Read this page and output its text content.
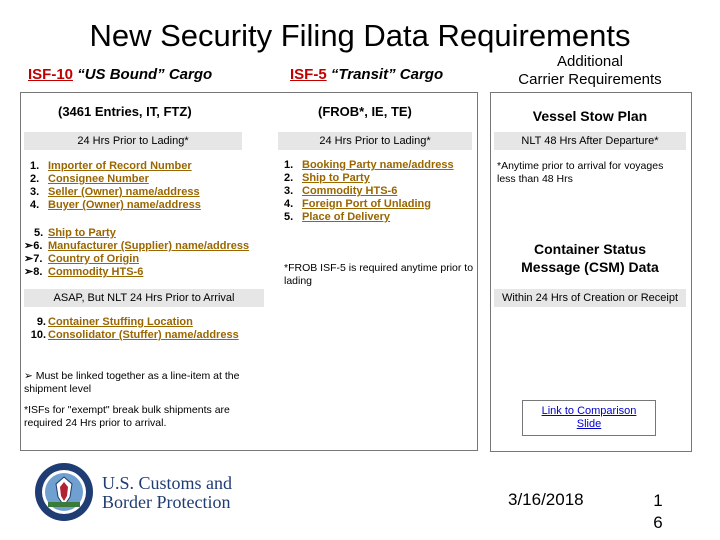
New Security Filing Data Requirements
ISF-10 “US Bound” Cargo	ISF-5 “Transit” Cargo
Additional
Carrier Requirements
(3461 Entries, IT, FTZ)
24 Hrs Prior to Lading*
1. Importer of Record Number
2. Consignee Number
3. Seller (Owner) name/address
4. Buyer (Owner) name/address
5. Ship to Party
➢6. Manufacturer (Supplier) name/address
➢7. Country of Origin
➢8. Commodity HTS-6
ASAP, But NLT 24 Hrs Prior to Arrival
9. Container Stuffing Location
10. Consolidator (Stuffer) name/address
➢ Must be linked together as a line-item at the shipment level
*ISFs for "exempt" break bulk shipments are required 24 Hrs prior to arrival.
(FROB*, IE, TE)
24 Hrs Prior to Lading*
1. Booking Party name/address
2. Ship to Party
3. Commodity HTS-6
4. Foreign Port of Unlading
5. Place of Delivery
*FROB ISF-5 is required anytime prior to lading
Vessel Stow Plan
NLT 48 Hrs After Departure*
*Anytime prior to arrival for voyages less than 48 Hrs
Container Status
Message (CSM) Data
Within 24 Hrs of Creation or Receipt
Link to Comparison
Slide
U.S. Customs and
Border Protection	3/16/2018	1
6
